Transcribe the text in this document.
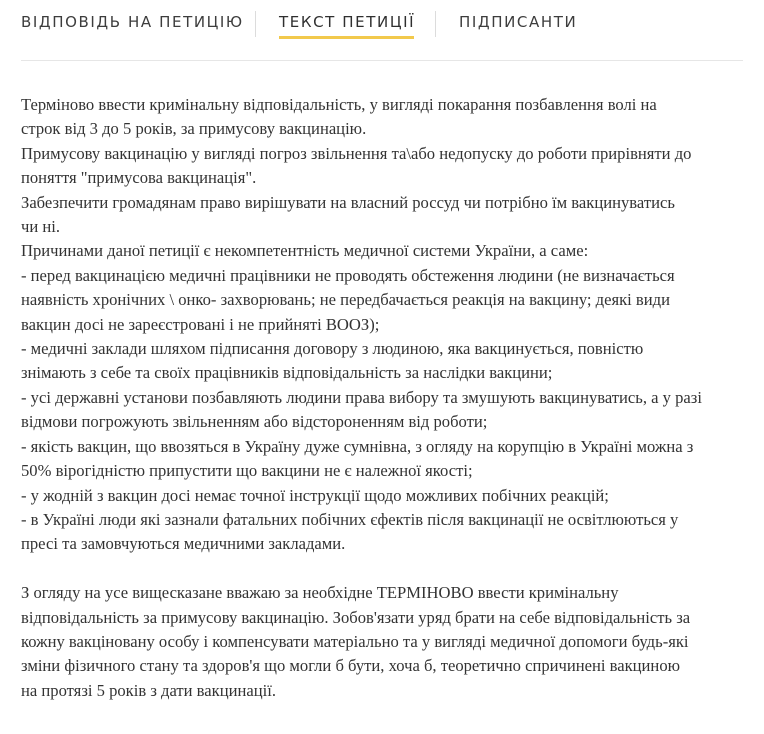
ВІДПОВІДЬ НА ПЕТИЦІЮ ТЕКСТ ПЕТИЦІЇ	ПІДПИСАНТИ

Терміново ввести кримінальну відповідальність, у вигляді покарання позбавлення волі на

строк від 3 до 5 років, за примусову вакцинацію.

Примусову вакцинацію у вигляді погроз звільнення та\або недопуску до роботи прирівняти до

поняття "примусова вакцинація".

Забезпечити громадянам право вирішувати на власний россуд чи потрібно їм вакцинуватись

чи ні.

Причинами даної петиції є некомпетентність медичної системи України, а саме:

- перед вакцинацією медичні працівники не проводять обстеження людини (не визначається

наявність хронічних \ онко- захворювань; не передбачається реакція на вакцину; деякі види

вакцин досі не зареєстровані і не прийняті ВООЗ);

- медичні заклади шляхом підписання договору з людиною, яка вакцинується, повністю

знімають з себе та своїх працівників відповідальність за наслідки вакцини;

- усі державні установи позбавляють людини права вибору та змушують вакцинуватись, а у разі

відмови погрожують звільненням або відстороненням від роботи;

- якість вакцин, що ввозяться в Україну дуже сумнівна, з огляду на корупцію в Україні можна з

50% вірогідністю припустити що вакцини не є належної якості;

- у жодній з вакцин досі немає точної інструкції щодо можливих побічних реакцій;

- в Україні люди які зазнали фатальних побічних єфектів після вакцинації не освітлюються у

пресі та замовчуються медичними закладами.

З огляду на усе вищесказане вважаю за необхідне ТЕРМІНОВО ввести кримінальну

відповідальність за примусову вакцинацію. Зобов'язати уряд брати на себе відповідальність за

кожну вакціновану особу і компенсувати матеріально та у вигляді медичної допомоги будь-які

зміни фізичного стану та здоров'я що могли б бути, хоча б, теоретично спричинені вакциною

на протязі 5 років з дати вакцинації.
